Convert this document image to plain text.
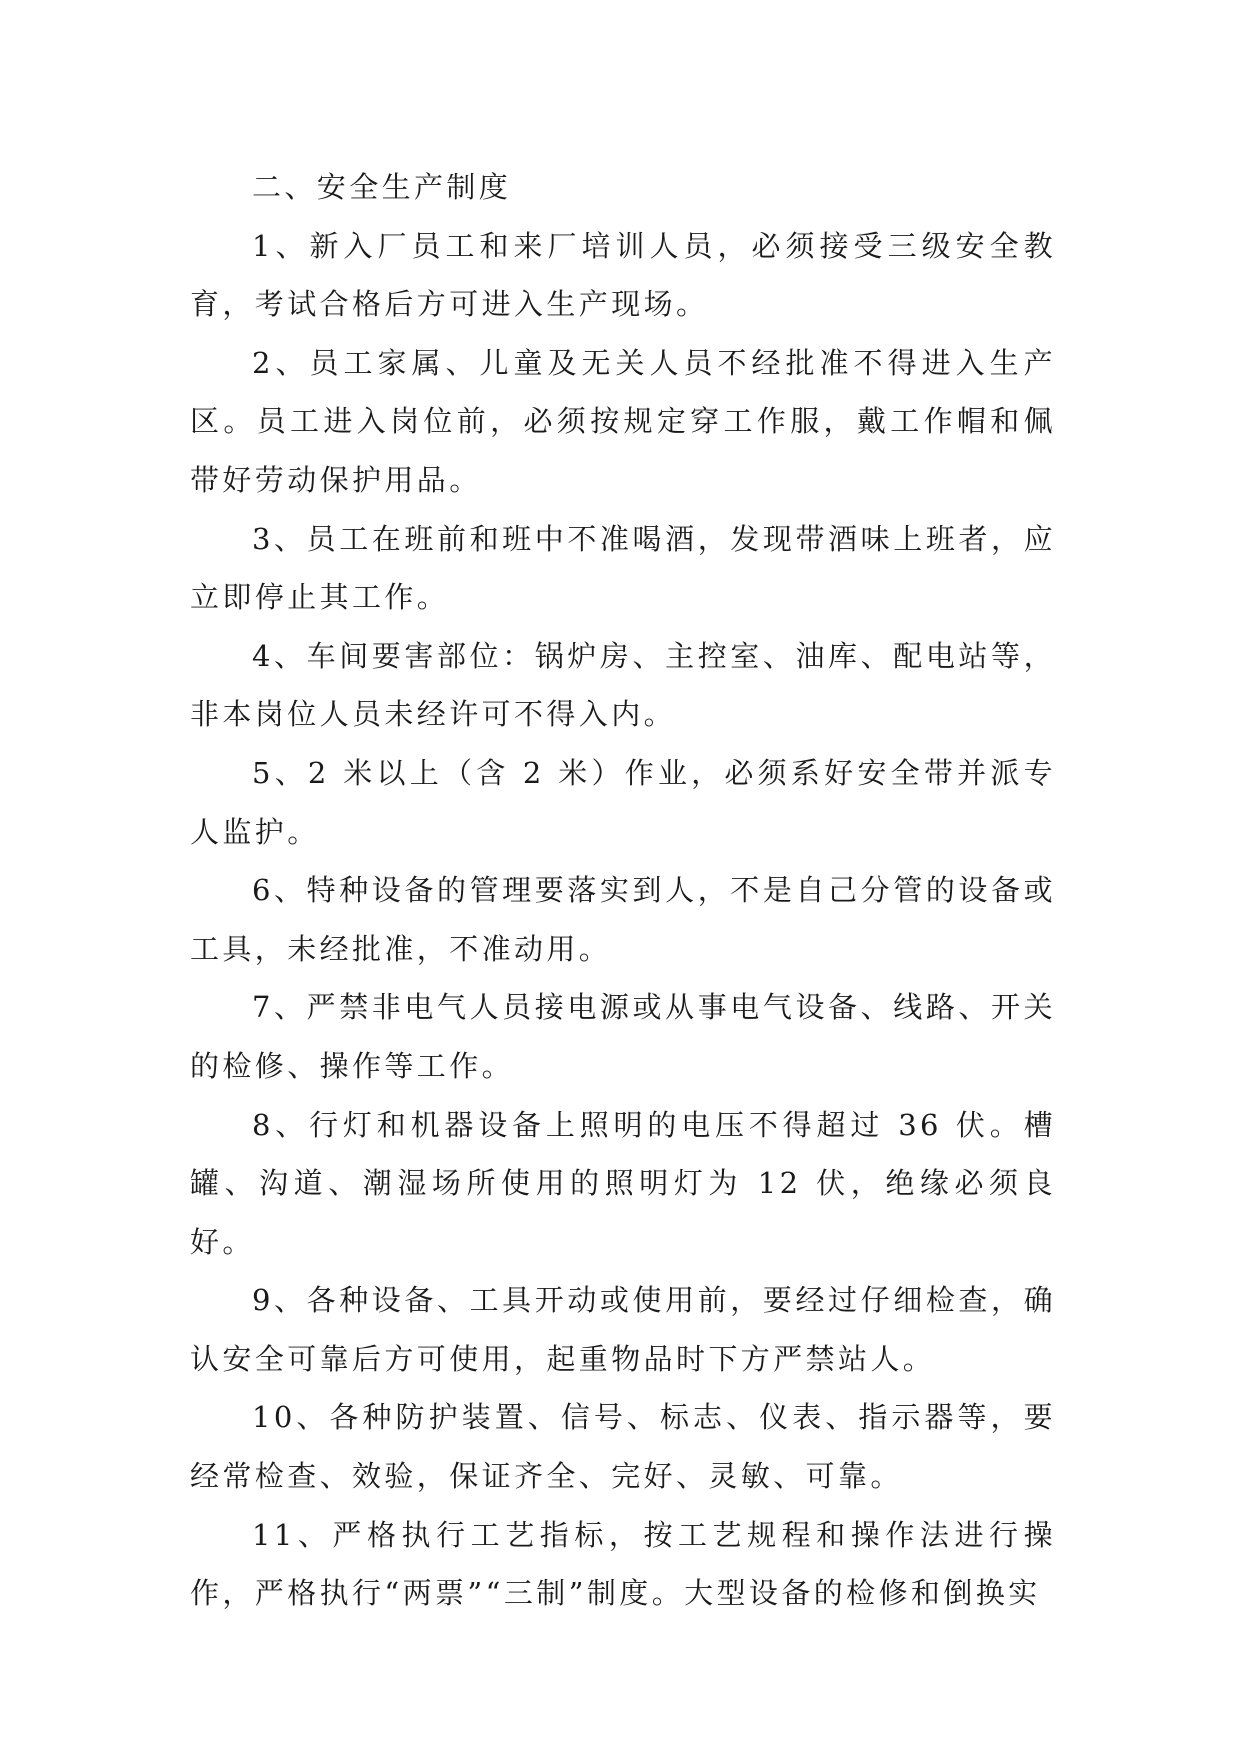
二、安全生产制度

1、新入厂员工和来厂培训人员，必须接受三级安全教育，考试合格后方可进入生产现场。

2、员工家属、儿童及无关人员不经批准不得进入生产区。员工进入岗位前，必须按规定穿工作服，戴工作帽和佩带好劳动保护用品。

3、员工在班前和班中不准喝酒，发现带酒味上班者，应立即停止其工作。

4、车间要害部位：锅炉房、主控室、油库、配电站等，非本岗位人员未经许可不得入内。

5、2 米以上（含 2 米）作业，必须系好安全带并派专人监护。

6、特种设备的管理要落实到人，不是自己分管的设备或工具，未经批准，不准动用。

7、严禁非电气人员接电源或从事电气设备、线路、开关的检修、操作等工作。

8、行灯和机器设备上照明的电压不得超过 36 伏。槽罐、沟道、潮湿场所使用的照明灯为 12 伏，绝缘必须良好。

9、各种设备、工具开动或使用前，要经过仔细检查，确认安全可靠后方可使用，起重物品时下方严禁站人。

10、各种防护装置、信号、标志、仪表、指示器等，要经常检查、效验，保证齐全、完好、灵敏、可靠。

11、严格执行工艺指标，按工艺规程和操作法进行操作，严格执行“两票”“三制”制度。大型设备的检修和倒换实
